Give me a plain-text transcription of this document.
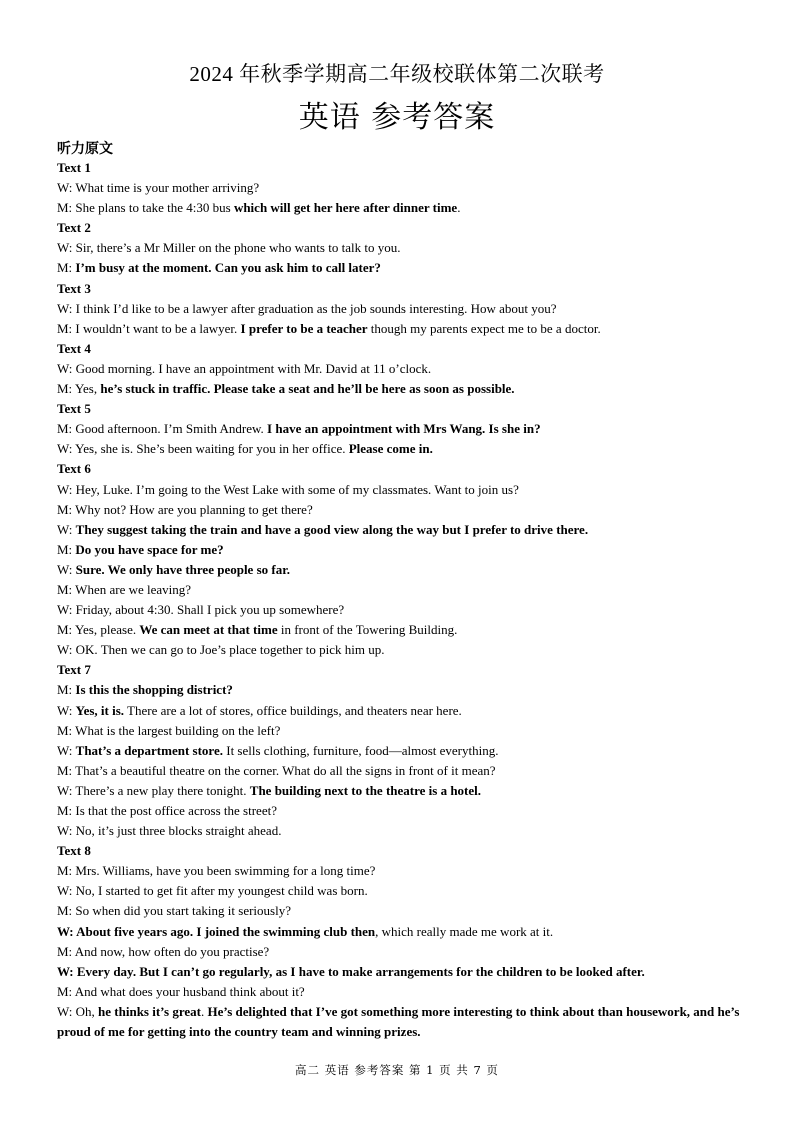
2024 年秋季学期高二年级校联体第二次联考
英语 参考答案
听力原文
Text 1
W: What time is your mother arriving?
M: She plans to take the 4:30 bus which will get her here after dinner time.
Text 2
W: Sir, there’s a Mr Miller on the phone who wants to talk to you.
M: I’m busy at the moment. Can you ask him to call later?
Text 3
W: I think I’d like to be a lawyer after graduation as the job sounds interesting. How about you?
M: I wouldn’t want to be a lawyer. I prefer to be a teacher though my parents expect me to be a doctor.
Text 4
W: Good morning. I have an appointment with Mr. David at 11 o’clock.
M: Yes, he’s stuck in traffic. Please take a seat and he’ll be here as soon as possible.
Text 5
M: Good afternoon. I’m Smith Andrew. I have an appointment with Mrs Wang. Is she in?
W: Yes, she is. She’s been waiting for you in her office. Please come in.
Text 6
W: Hey, Luke. I’m going to the West Lake with some of my classmates. Want to join us?
M: Why not? How are you planning to get there?
W: They suggest taking the train and have a good view along the way but I prefer to drive there.
M: Do you have space for me?
W: Sure. We only have three people so far.
M: When are we leaving?
W: Friday, about 4:30. Shall I pick you up somewhere?
M: Yes, please. We can meet at that time in front of the Towering Building.
W: OK. Then we can go to Joe’s place together to pick him up.
Text 7
M: Is this the shopping district?
W: Yes, it is. There are a lot of stores, office buildings, and theaters near here.
M: What is the largest building on the left?
W: That’s a department store. It sells clothing, furniture, food—almost everything.
M: That’s a beautiful theatre on the corner. What do all the signs in front of it mean?
W: There’s a new play there tonight. The building next to the theatre is a hotel.
M: Is that the post office across the street?
W: No, it’s just three blocks straight ahead.
Text 8
M: Mrs. Williams, have you been swimming for a long time?
W: No, I started to get fit after my youngest child was born.
M: So when did you start taking it seriously?
W: About five years ago. I joined the swimming club then, which really made me work at it.
M: And now, how often do you practise?
W: Every day. But I can’t go regularly, as I have to make arrangements for the children to be looked after.
M: And what does your husband think about it?
W: Oh, he thinks it’s great. He’s delighted that I’ve got something more interesting to think about than housework, and he’s proud of me for getting into the country team and winning prizes.
高二 英语 参考答案 第 1 页 共 7 页
